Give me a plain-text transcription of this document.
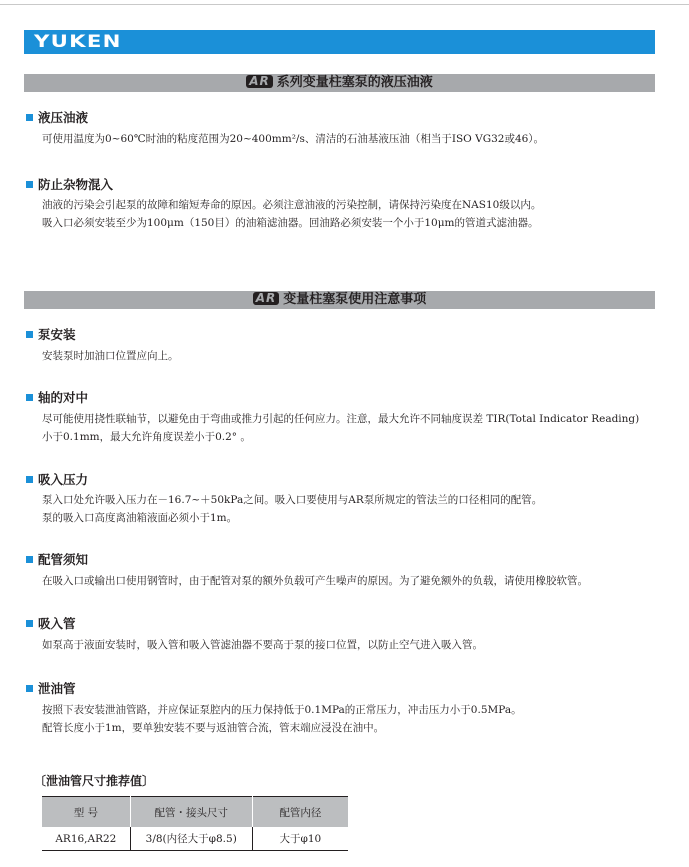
YUKEN
AR 系列变量柱塞泵的液压油液
液压油液
可使用温度为0~60℃时油的粘度范围为20~400mm²/s、清洁的石油基液压油（相当于ISO VG32或46）。
防止杂物混入
油液的污染会引起泵的故障和缩短寿命的原因。必须注意油液的污染控制，请保持污染度在NAS10级以内。
吸入口必须安装至少为100μm（150目）的油箱滤油器。回油路必须安装一个小于10μm的管道式滤油器。
AR 变量柱塞泵使用注意事项
泵安装
安装泵时加油口位置应向上。
轴的对中
尽可能使用挠性联轴节，以避免由于弯曲或推力引起的任何应力。注意，最大允许不同轴度误差 TIR(Total Indicator Reading)
小于0.1mm，最大允许角度误差小于0.2° 。
吸入压力
泵入口处允许吸入压力在－16.7~＋50kPa之间。吸入口要使用与AR泵所规定的管法兰的口径相同的配管。
泵的吸入口高度离油箱液面必须小于1m。
配管须知
在吸入口或输出口使用钢管时，由于配管对泵的额外负载可产生噪声的原因。为了避免额外的负载，请使用橡胶软管。
吸入管
如泵高于液面安装时，吸入管和吸入管滤油器不要高于泵的接口位置，以防止空气进入吸入管。
泄油管
按照下表安装泄油管路，并应保证泵腔内的压力保持低于0.1MPa的正常压力，冲击压力小于0.5MPa。
配管长度小于1m，要单独安装不要与返油管合流，管末端应浸没在油中。
〔泄油管尺寸推荐值〕
型 号	配管・接头尺寸	配管内径
AR16,AR22	3/8(内径大于φ8.5)	大于φ10
